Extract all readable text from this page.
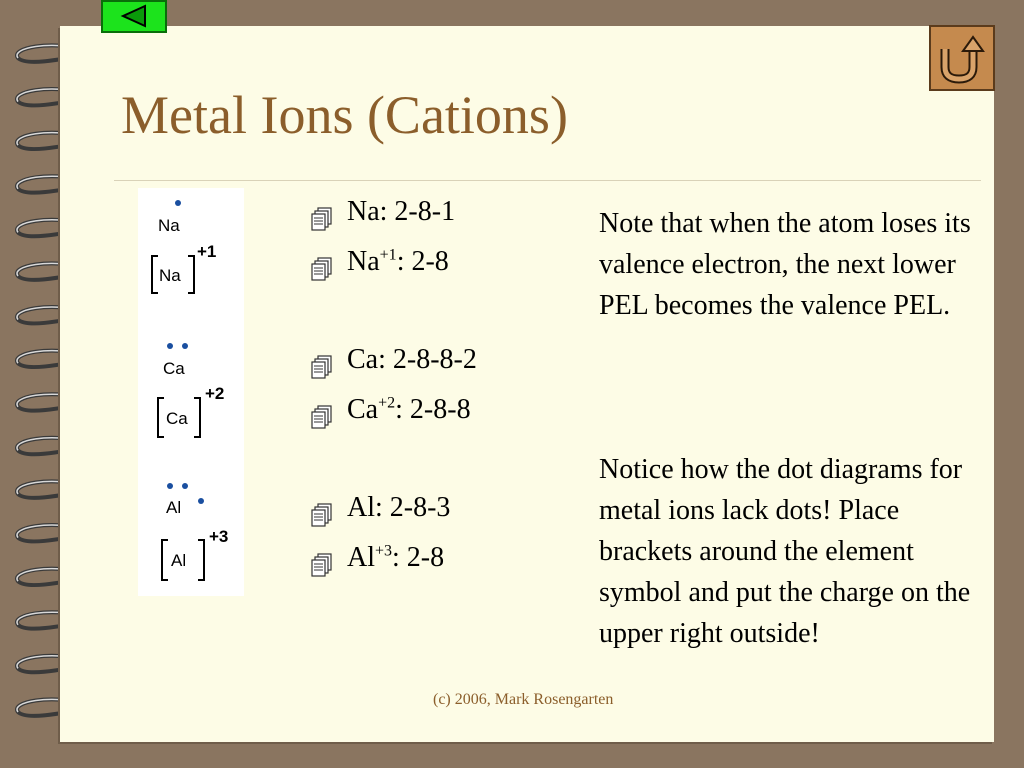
Metal Ions (Cations)
Na
Na
+1
Ca
Ca
+2
Al
Al
+3
Na: 2-8-1
$Na^{+1}$: 2-8
Ca: 2-8-8-2
$Ca^{+2}$: 2-8-8
Al: 2-8-3
$Al^{+3}$: 2-8

Note that when the atom loses its valence electron, the next lower PEL becomes the valence PEL.

Notice how the dot diagrams for metal ions lack dots! Place brackets around the element symbol and put the charge on the upper right outside!

(c) 2006, Mark Rosengarten
